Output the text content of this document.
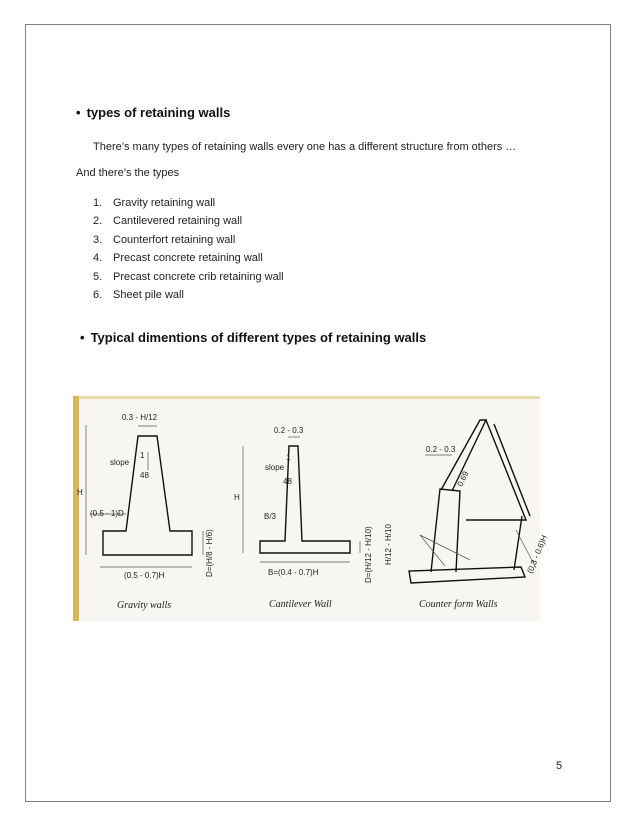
• types of retaining walls
There’s many types of retaining walls every one has a different structure from others …
And there’s the types
1. Gravity retaining wall
2. Cantilevered retaining wall
3. Counterfort retaining wall
4. Precast concrete retaining wall
5. Precast concrete crib retaining wall
6. Sheet pile wall
• Typical dimentions of different types of retaining walls
0.3 - H/12
1
slope
48
H
(0.5 - 1)D
D=(H/8 - H/6)
(0.5 - 0.7)H
0.2 - 0.3
1
slope
48
H
B/3
D=(H/12 - H/10)
B=(0.4 - 0.7)H
0.2 - 0.3
0.69
H/12 - H/10	(0.3 - 0.6)H
Gravity walls	Cantilever Wall	Counter form Walls
5
